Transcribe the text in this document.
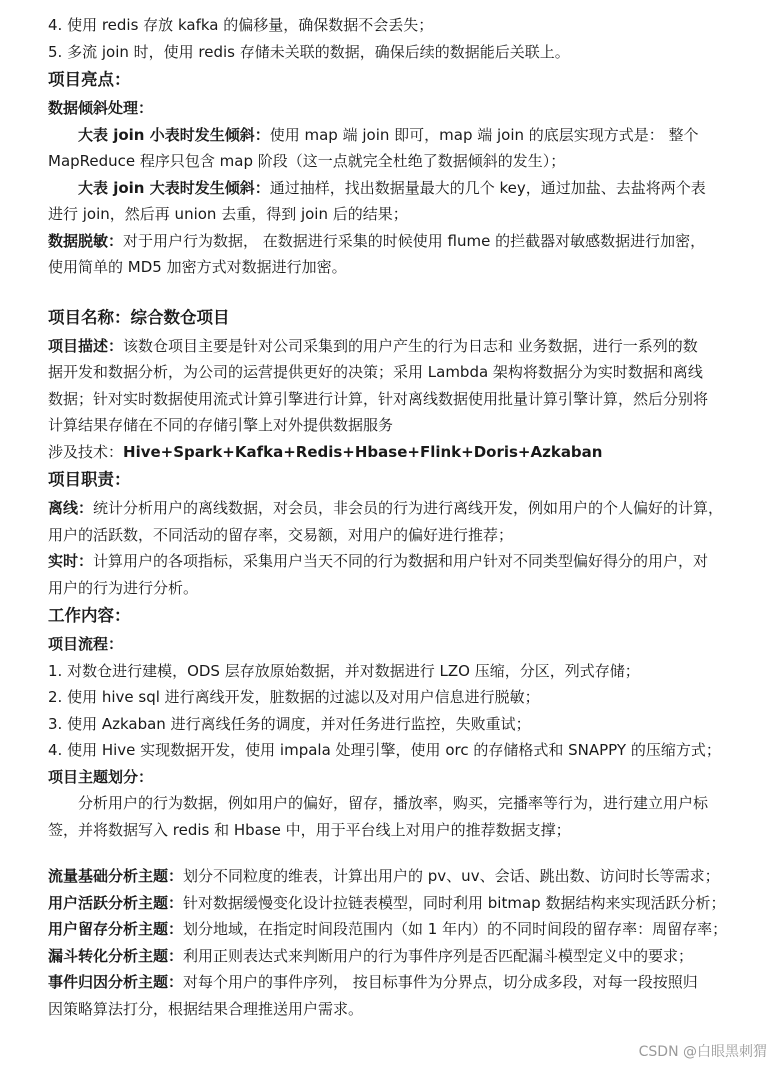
4. 使用 redis 存放 kafka 的偏移量，确保数据不会丢失；
5. 多流 join 时，使用 redis 存储未关联的数据，确保后续的数据能后关联上。
项目亮点：
数据倾斜处理：
大表 join 小表时发生倾斜：使用 map 端 join 即可，map 端 join 的底层实现方式是： 整个
MapReduce 程序只包含 map 阶段（这一点就完全杜绝了数据倾斜的发生）；
大表 join 大表时发生倾斜：通过抽样，找出数据量最大的几个 key，通过加盐、去盐将两个表
进行 join，然后再 union 去重，得到 join 后的结果；
数据脱敏：对于用户行为数据， 在数据进行采集的时候使用 flume 的拦截器对敏感数据进行加密，
使用简单的 MD5 加密方式对数据进行加密。
项目名称：综合数仓项目
项目描述：该数仓项目主要是针对公司采集到的用户产生的行为日志和 业务数据，进行一系列的数
据开发和数据分析，为公司的运营提供更好的决策；采用 Lambda 架构将数据分为实时数据和离线
数据；针对实时数据使用流式计算引擎进行计算，针对离线数据使用批量计算引擎计算，然后分别将
计算结果存储在不同的存储引擎上对外提供数据服务
涉及技术：Hive+Spark+Kafka+Redis+Hbase+Flink+Doris+Azkaban
项目职责：
离线：统计分析用户的离线数据，对会员，非会员的行为进行离线开发，例如用户的个人偏好的计算，
用户的活跃数，不同活动的留存率，交易额，对用户的偏好进行推荐；
实时：计算用户的各项指标，采集用户当天不同的行为数据和用户针对不同类型偏好得分的用户，对
用户的行为进行分析。
工作内容：
项目流程：
1. 对数仓进行建模，ODS 层存放原始数据，并对数据进行 LZO 压缩，分区，列式存储；
2. 使用 hive sql 进行离线开发，脏数据的过滤以及对用户信息进行脱敏；
3. 使用 Azkaban 进行离线任务的调度，并对任务进行监控，失败重试；
4. 使用 Hive 实现数据开发，使用 impala 处理引擎，使用 orc 的存储格式和 SNAPPY 的压缩方式；
项目主题划分：
分析用户的行为数据，例如用户的偏好，留存，播放率，购买，完播率等行为，进行建立用户标
签，并将数据写入 redis 和 Hbase 中，用于平台线上对用户的推荐数据支撑；
流量基础分析主题：划分不同粒度的维表，计算出用户的 pv、uv、会话、跳出数、访问时长等需求；
用户活跃分析主题：针对数据缓慢变化设计拉链表模型，同时利用 bitmap 数据结构来实现活跃分析；
用户留存分析主题：划分地域，在指定时间段范围内（如 1 年内）的不同时间段的留存率：周留存率；
漏斗转化分析主题：利用正则表达式来判断用户的行为事件序列是否匹配漏斗模型定义中的要求；
事件归因分析主题：对每个用户的事件序列， 按目标事件为分界点，切分成多段，对每一段按照归
因策略算法打分，根据结果合理推送用户需求。
CSDN @白眼黑刺猬
